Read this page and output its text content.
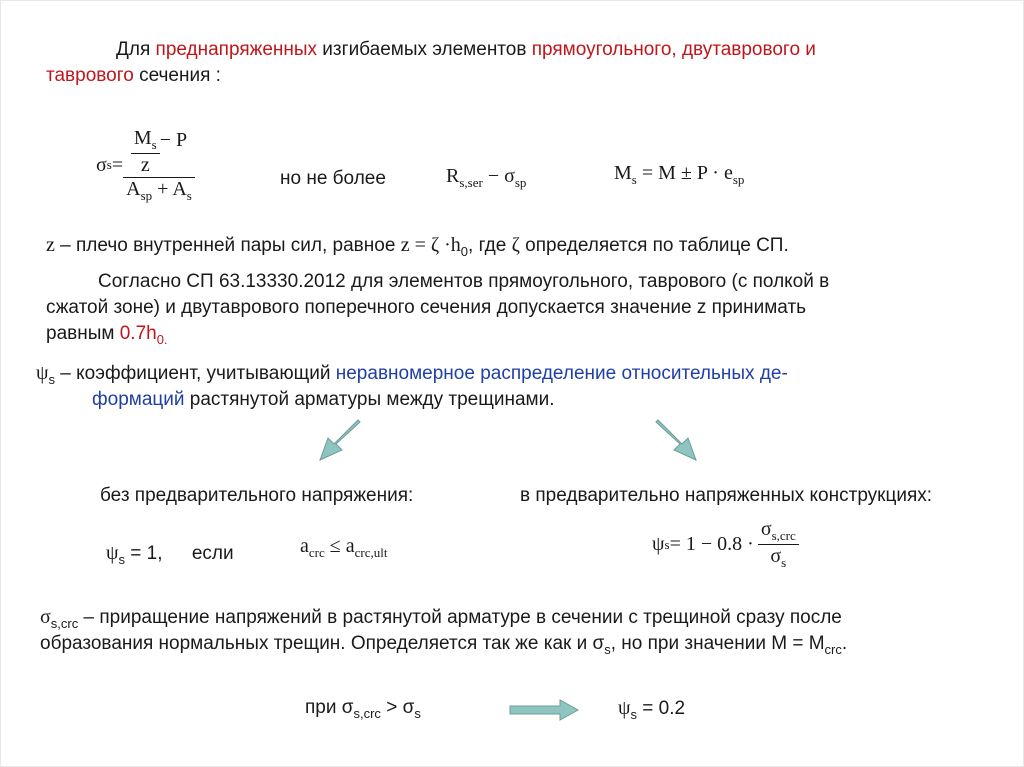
Для преднапряженных изгибаемых элементов прямоугольного, двутаврового и
таврового сечения :
σ $s = \frac{\frac{M_s}{z} - P}{A_{sp} + A_s}$	но не более	$R_{s,ser} - \sigma_{sp}$	$M_s = M \pm P \cdot e_{sp}$
z – плечо внутренней пары сил, равное $z = \zeta \cdot h_0$, где ζ определяется по таблице СП.
Согласно СП 63.13330.2012 для элементов прямоугольного, таврового (с полкой в
сжатой зоне) и двутаврового поперечного сечения допускается значение z принимать
равным $0.7h_{0.}$
$\psi_s$ – коэффициент, учитывающий неравномерное распределение относительных де-
формаций растянутой арматуры между трещинами.
без предварительного напряжения:	в предварительно напряженных конструкциях:
$\psi_s = 1$, если	$a_{crc} \le a_{crc,ult}$	ψ $s = 1 - 0.8 \cdot \frac{\sigma_{s,crc}}{\sigma_s}$
$\sigma_{s,crc}$ – приращение напряжений в растянутой арматуре в сечении с трещиной сразу после
образования нормальных трещин. Определяется так же как и $\sigma_s$, но при значении $M = M_{crc}$.
при $\sigma_{s,crc} > \sigma_s$	$\psi_s = 0.2$
